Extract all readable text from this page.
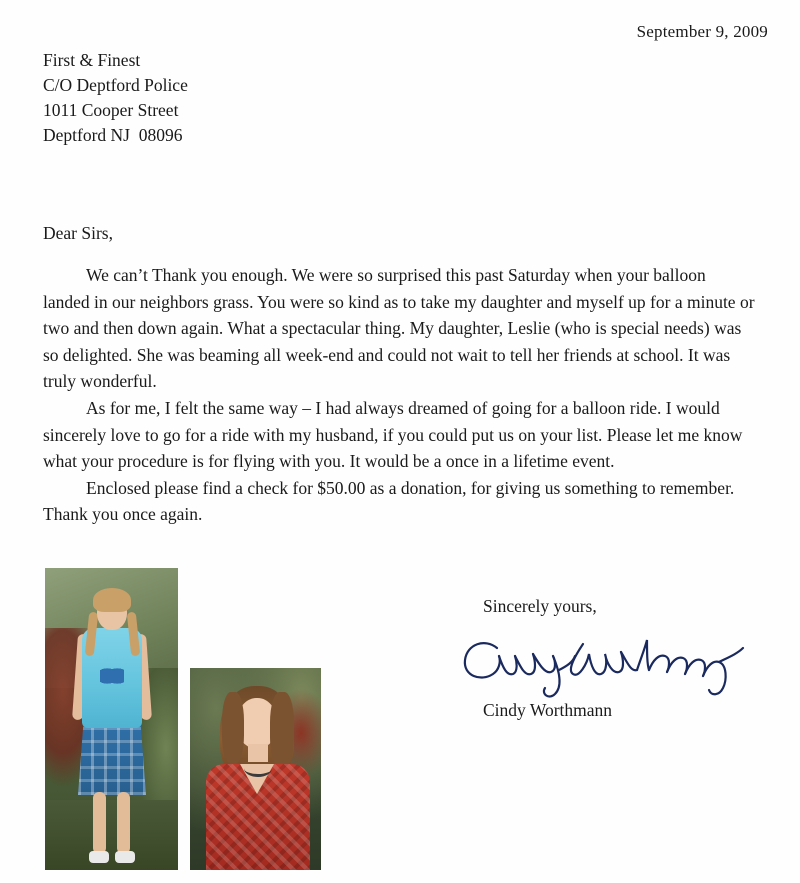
September 9, 2009
First & Finest
C/O Deptford Police
1011 Cooper Street
Deptford NJ  08096
Dear Sirs,

We can’t Thank you enough. We were so surprised this past Saturday when your balloon landed in our neighbors grass. You were so kind as to take my daughter and myself up for a minute or two and then down again. What a spectacular thing. My daughter, Leslie (who is special needs) was so delighted. She was beaming all week-end and could not wait to tell her friends at school. It was truly wonderful.

As for me, I felt the same way – I had always dreamed of going for a balloon ride. I would sincerely love to go for a ride with my husband, if you could put us on your list. Please let me know what your procedure is for flying with you. It would be a once in a lifetime event.

Enclosed please find a check for $50.00 as a donation, for giving us something to remember. Thank you once again.

Sincerely yours,
Cindy Worthmann
